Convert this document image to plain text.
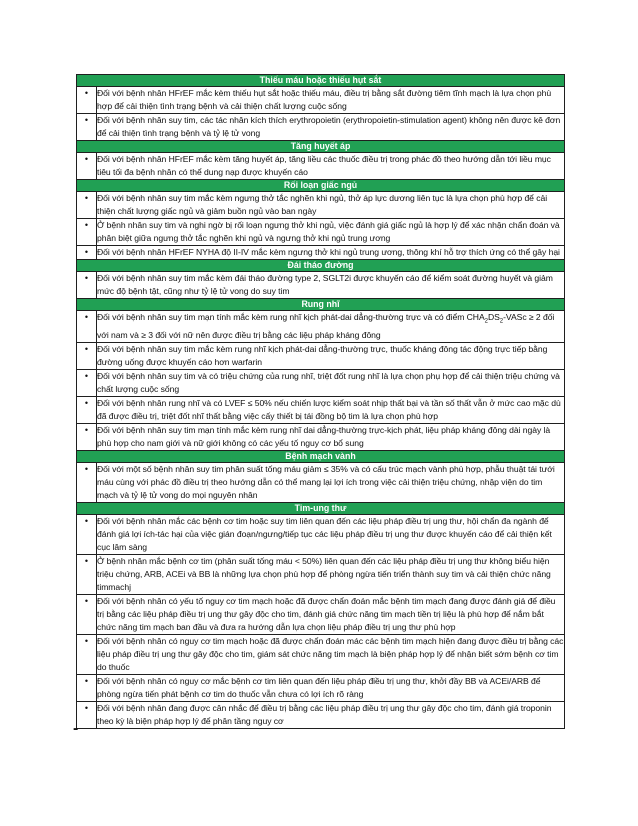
Thiếu máu hoặc thiếu hụt sắt	
•	Đối với bệnh nhân HFrEF mắc kèm thiếu hụt sắt hoặc thiếu máu, điều trị bằng sắt đường tiêm tĩnh mạch là lựa chọn phù hợp để cải thiện tình trạng bệnh và cải thiện chất lượng cuộc sống
•	Đối với bệnh nhân suy tim, các tác nhân kích thích erythropoietin (erythropoietin-stimulation agent) không nên được kê đơn để cải thiện tình trạng bệnh và tỷ lệ tử vong
Tăng huyết áp	
•	Đối với bệnh nhân HFrEF mắc kèm tăng huyết áp, tăng liều các thuốc điều trị trong phác đồ theo hướng dẫn tới liều mục tiêu tối đa bệnh nhân có thể dung nạp được khuyến cáo
Rối loạn giấc ngủ	
•	Đối với bệnh nhân suy tim mắc kèm ngưng thở tắc nghẽn khi ngủ, thở áp lực dương liên tục là lựa chọn phù hợp để cải thiện chất lượng giấc ngủ và giảm buồn ngủ vào ban ngày
•	Ở bệnh nhân suy tim và nghi ngờ bị rối loạn ngưng thở khi ngủ, việc đánh giá giấc ngủ là hợp lý để xác nhận chẩn đoán và phân biệt giữa ngưng thở tắc nghẽn khi ngủ và ngưng thở khi ngủ trung ương
•	Đối với bệnh nhân HFrEF NYHA độ II-IV mắc kèm ngưng thở khi ngủ trung ương, thông khí hỗ trợ thích ứng có thể gây hại
Đái tháo đường	
•	Đối với bệnh nhân suy tim mắc kèm đái tháo đường type 2, SGLT2i được khuyến cáo để kiểm soát đường huyết và giảm mức độ bệnh tật, cũng như tỷ lệ tử vong do suy tim
Rung nhĩ	
•	Đối với bệnh nhân suy tim mạn tính mắc kèm rung nhĩ kịch phát-dai dẳng-thường trực và có điểm $CHA_2DS_2$-VASc ≥ 2 đối với nam và ≥ 3 đối với nữ nên được điều trị bằng các liệu pháp kháng đông
•	Đối với bệnh nhân suy tim mắc kèm rung nhĩ kịch phát-dai dẳng-thường trực, thuốc kháng đông tác động trực tiếp bằng đường uống được khuyến cáo hơn warfarin
•	Đối với bệnh nhân suy tim và có triệu chứng của rung nhĩ, triệt đốt rung nhĩ là lựa chọn phụ hợp để cải thiện triệu chứng và chất lượng cuộc sống
•	Đối với bệnh nhân rung nhĩ và có LVEF ≤ 50% nếu chiến lược kiểm soát nhịp thất bại và tần số thất vẫn ở mức cao mặc dù đã được điều trị, triệt đốt nhĩ thất bằng việc cấy thiết bị tái đồng bộ tim là lựa chọn phù hợp
•	Đối với bệnh nhân suy tim mạn tính mắc kèm rung nhĩ dai dẳng-thường trực-kịch phát, liệu pháp kháng đông dài ngày là phù hợp cho nam giới và nữ giới không có các yếu tố nguy cơ bổ sung
Bệnh mạch vành	
•	Đối với một số bệnh nhân suy tim phân suất tống máu giảm ≤ 35% và có cấu trúc mạch vành phù hợp, phẫu thuật tái tưới máu cùng với phác đồ điều trị theo hướng dẫn có thể mang lại lợi ích trong việc cải thiện triệu chứng, nhập viện do tim mạch và tỷ lệ tử vong do mọi nguyên nhân
Tim-ung thư	
•	Đối với bệnh nhân mắc các bệnh cơ tim hoặc suy tim liên quan đến các liệu pháp điều trị ung thư, hội chẩn đa ngành để đánh giá lợi ích-tác hại của việc gián đoạn/ngưng/tiếp tục các liệu pháp điều trị ung thư được khuyến cáo để cải thiện kết cục lâm sàng
•	Ở bệnh nhân mắc bệnh cơ tim (phân suất tống máu < 50%) liên quan đến các liệu pháp điều trị ung thư không biểu hiện triệu chứng, ARB, ACEi và BB là những lựa chọn phù hợp để phòng ngừa tiến triển thành suy tim và cải thiện chức năng timmachj
•	Đối với bệnh nhân có yếu tố nguy cơ tim mạch hoặc đã được chẩn đoán mắc bệnh tim mạch đang được đánh giá để điều trị bằng các liệu pháp điều trị ung thư gây độc cho tim, đánh giá chức năng tim mạch tiền trị liệu là phù hợp để nắm bắt chức năng tim mạch ban đầu và đưa ra hướng dẫn lựa chọn liệu pháp điều trị ung thư phù hợp
•	Đối với bệnh nhân có nguy cơ tim mạch hoặc đã được chẩn đoán mác các bệnh tim mạch hiện đang được điều trị bằng các liệu pháp điều trị ung thư gây độc cho tim, giám sát chức năng tim mạch là biện pháp hợp lý để nhận biết sớm bệnh cơ tim do thuốc
•	Đối với bệnh nhân có nguy cơ mắc bệnh cơ tim liên quan đến liệu pháp điều trị ung thư, khởi đầy BB và ACEi/ARB để phòng ngừa tiến phát bệnh cơ tim do thuốc vẫn chưa có lợi ích rõ ràng
•	Đối với bệnh nhân đang được cân nhắc để điều trị bằng các liệu pháp điều trị ung thư gây độc cho tim, đánh giá troponin theo kỳ là biện pháp hợp lý để phân tầng nguy cơ
-
